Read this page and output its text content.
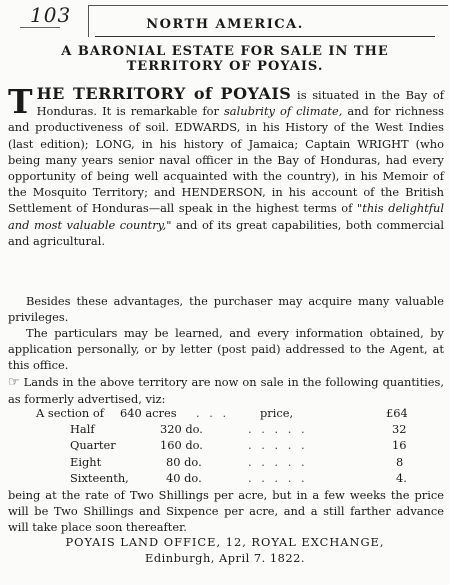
103	NORTH AMERICA.
A BARONIAL ESTATE FOR SALE IN THE
TERRITORY OF POYAIS.
THE TERRITORY of POYAIS is situated in the Bay of Honduras. It is remarkable for salubrity of climate, and for richness and productiveness of soil. EDWARDS, in his History of the West Indies (last edition); LONG, in his history of Jamaica; Captain WRIGHT (who being many years senior naval officer in the Bay of Honduras, had every opportunity of being well acquainted with the country), in his Memoir of the Mosquito Territory; and HENDERSON, in his account of the British Settlement of Honduras—all speak in the highest terms of "this delightful and most valuable country," and of its great capabilities, both commercial and agricultural.
Besides these advantages, the purchaser may acquire many valuable privileges.
The particulars may be learned, and every information obtained, by application personally, or by letter (post paid) addressed to the Agent, at this office.
☞ Lands in the above territory are now on sale in the following quantities, as formerly advertised, viz:
A section of 640 acres . . .	price,	£64
Half	320 do.	. . . . .	32
Quarter	160 do.	. . . . .	16
Eight	80 do.	. . . . .	8
Sixteenth,	40 do.	. . . . .	4.
being at the rate of Two Shillings per acre, but in a few weeks the price will be Two Shillings and Sixpence per acre, and a still farther advance will take place soon thereafter.
POYAIS LAND OFFICE, 12, ROYAL EXCHANGE,
Edinburgh, April 7. 1822.
